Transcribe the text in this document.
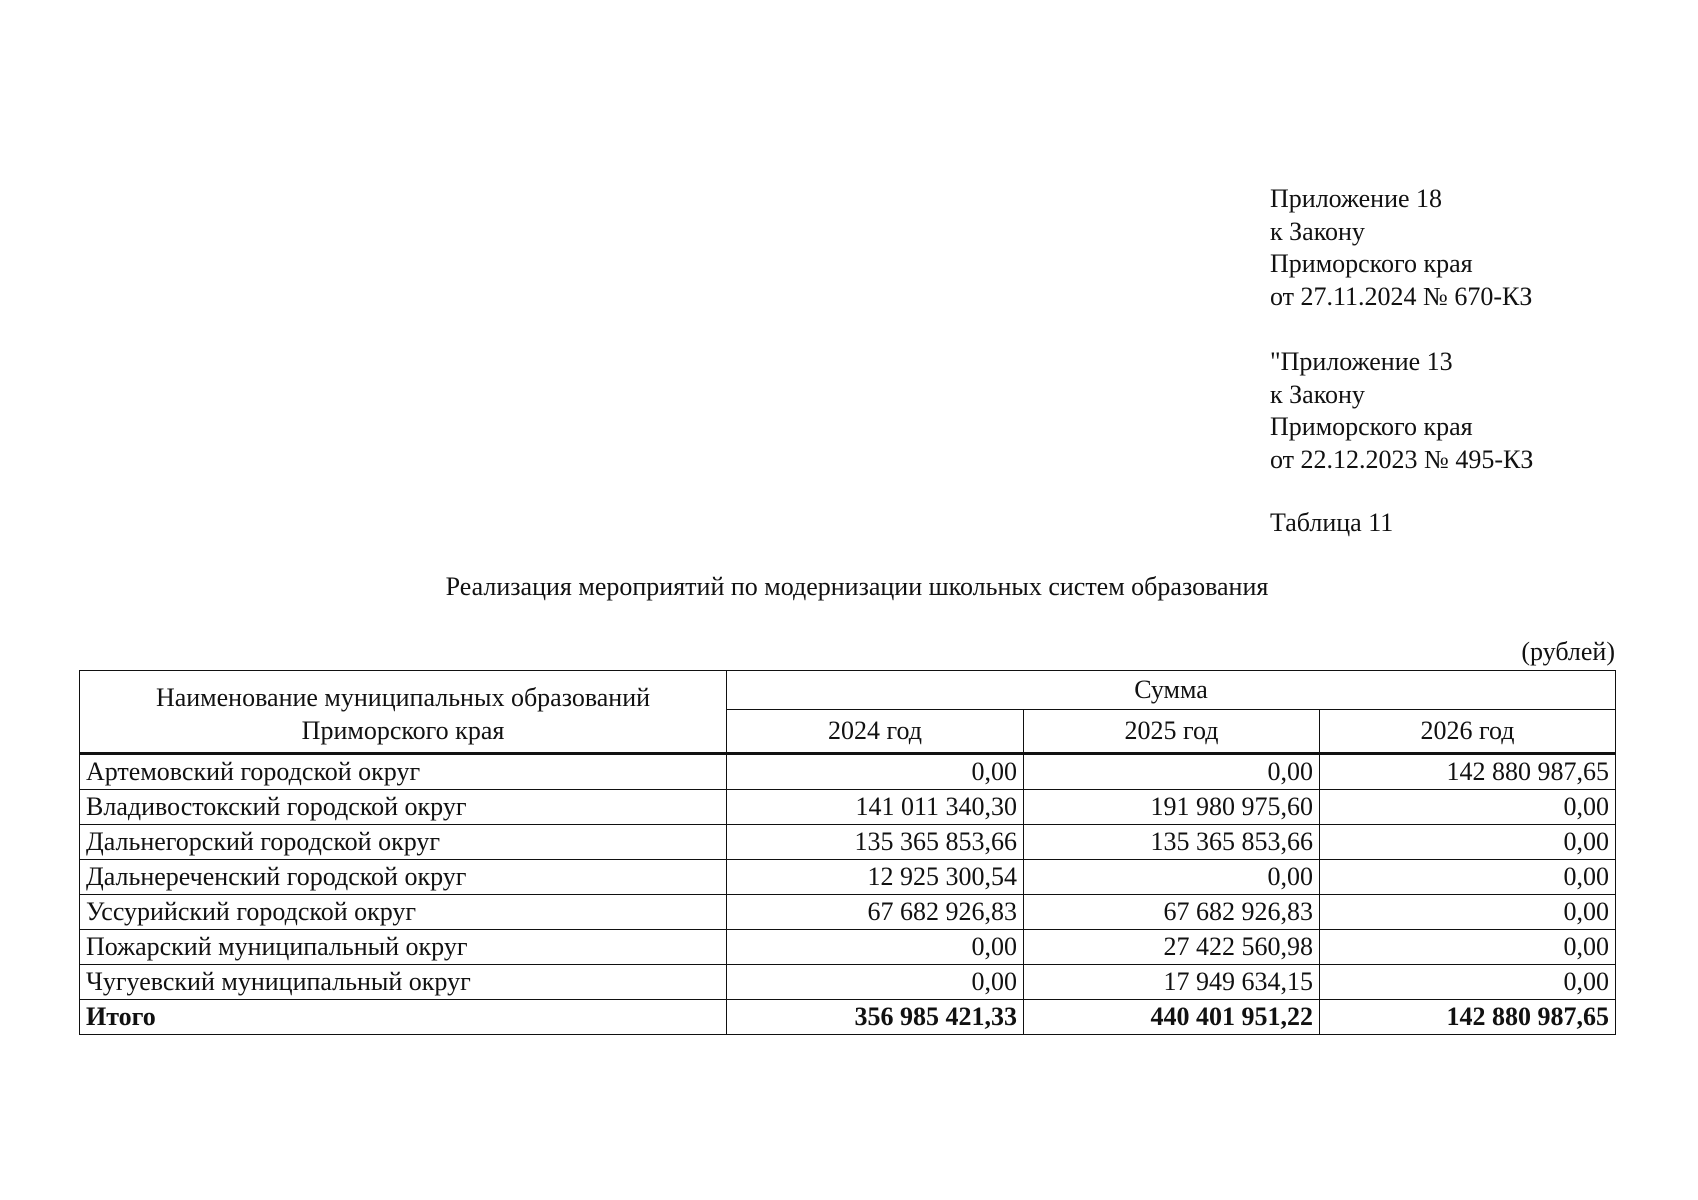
Приложение 18
к Закону
Приморского края
от 27.11.2024 № 670-КЗ
"Приложение 13
к Закону
Приморского края
от 22.12.2023 № 495-КЗ
Таблица 11
Реализация мероприятий по модернизации школьных систем образования
(рублей)
Наименование муниципальных образований Приморского края	Сумма		
	2024 год	2025 год	2026 год
Артемовский городской округ	0,00	0,00	142 880 987,65
Владивостокский городской округ	141 011 340,30	191 980 975,60	0,00
Дальнегорский городской округ	135 365 853,66	135 365 853,66	0,00
Дальнереченский городской округ	12 925 300,54	0,00	0,00
Уссурийский городской округ	67 682 926,83	67 682 926,83	0,00
Пожарский муниципальный округ	0,00	27 422 560,98	0,00
Чугуевский муниципальный округ	0,00	17 949 634,15	0,00
Итого	356 985 421,33	440 401 951,22	142 880 987,65
